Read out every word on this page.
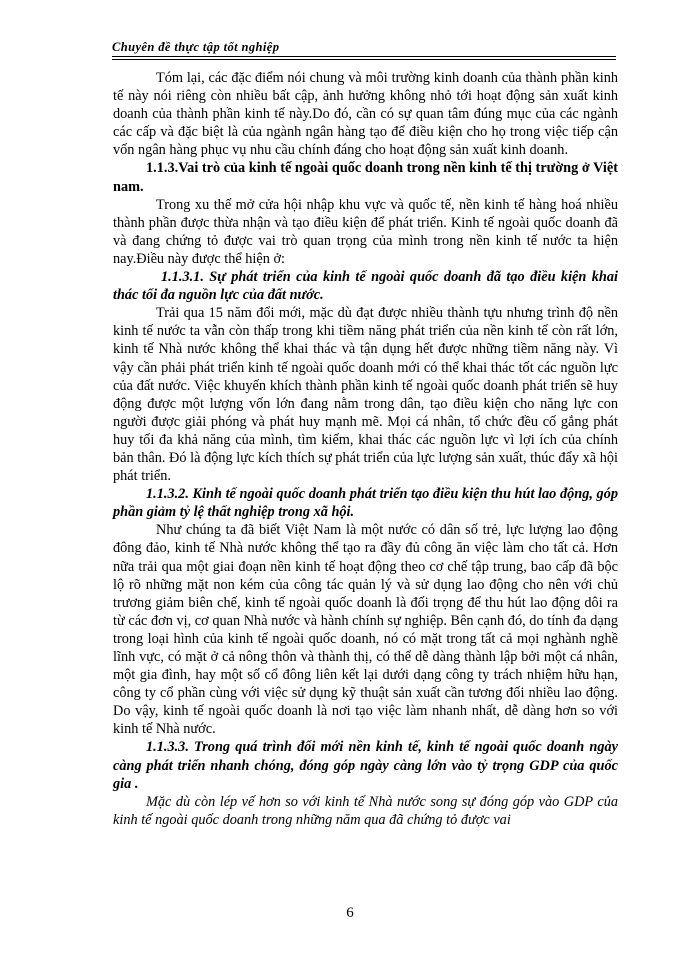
Chuyên đề thực tập tốt nghiệp

Tóm lại, các đặc điểm nói chung và môi trường kinh doanh của thành phần kinh tế này nói riêng còn nhiều bất cập, ảnh hưởng không nhỏ tới hoạt động sản xuất kinh doanh của thành phần kinh tế này.Do đó, cần có sự quan tâm đúng mục của các ngành các cấp và đặc biệt là của ngành ngân hàng tạo để điều kiện cho họ trong việc tiếp cận vốn ngân hàng phục vụ nhu cầu chính đáng cho hoạt động sản xuất kinh doanh.

1.1.3.Vai trò của kinh tế ngoài quốc doanh trong nền kinh tế thị trường ở Việt nam.

Trong xu thế mở cửa hội nhập khu vực và quốc tế, nền kinh tế hàng hoá nhiều thành phần được thừa nhận và tạo điều kiện để phát triển. Kinh tế ngoài quốc doanh đã và đang chứng tỏ được vai trò quan trọng của mình trong nền kinh tế nước ta hiện nay.Điều này được thể hiện ở:

1.1.3.1. Sự phát triển của kinh tế ngoài quốc doanh đã tạo điều kiện khai thác tối đa nguồn lực của đất nước.

Trải qua 15 năm đổi mới, mặc dù đạt được nhiều thành tựu nhưng trình độ nền kinh tế nước ta vẫn còn thấp trong khi tiềm năng phát triển của nền kinh tế còn rất lớn, kinh tế Nhà nước không thể khai thác và tận dụng hết được những tiềm năng này. Vì vậy cần phải phát triển kinh tế ngoài quốc doanh mới có thể khai thác tốt các nguồn lực của đất nước. Việc khuyến khích thành phần kinh tế ngoài quốc doanh phát triển sẽ huy động được một lượng vốn lớn đang nằm trong dân, tạo điều kiện cho năng lực con người được giải phóng và phát huy mạnh mẽ. Mọi cá nhân, tổ chức đều cố gắng phát huy tối đa khả năng của mình, tìm kiếm, khai thác các nguồn lực vì lợi ích của chính bản thân. Đó là động lực kích thích sự phát triển của lực lượng sản xuất, thúc đẩy xã hội phát triển.

1.1.3.2. Kinh tế ngoài quốc doanh phát triển tạo điều kiện thu hút lao động, góp phần giảm tỷ lệ thất nghiệp trong xã hội.

Như chúng ta đã biết Việt Nam là một nước có dân số trẻ, lực lượng lao động đông đảo, kinh tế Nhà nước không thể tạo ra đầy đủ công ăn việc làm cho tất cả. Hơn nữa trải qua một giai đoạn nền kinh tế hoạt động theo cơ chế tập trung, bao cấp đã bộc lộ rõ những mặt non kém của công tác quản lý và sử dụng lao động cho nên với chủ trương giảm biên chế, kinh tế ngoài quốc doanh là đối trọng để thu hút lao động dôi ra từ các đơn vị, cơ quan Nhà nước và hành chính sự nghiệp. Bên cạnh đó, do tính đa dạng trong loại hình của kinh tế ngoài quốc doanh, nó có mặt trong tất cả mọi nghành nghề lĩnh vực, có mặt ở cả nông thôn và thành thị, có thể dễ dàng thành lập bởi một cá nhân, một gia đình, hay một số cổ đông liên kết lại dưới dạng công ty trách nhiệm hữu hạn, công ty cổ phần cùng với việc sử dụng kỹ thuật sản xuất cần tương đối nhiều lao động. Do vậy, kinh tế ngoài quốc doanh là nơi tạo việc làm nhanh nhất, dễ dàng hơn so với kinh tế Nhà nước.

1.1.3.3. Trong quá trình đổi mới nền kinh tế, kinh tế ngoài quốc doanh ngày càng phát triển nhanh chóng, đóng góp ngày càng lớn vào tỷ trọng GDP của quốc gia .

Mặc dù còn lép vế hơn so với kinh tế Nhà nước song sự đóng góp vào GDP của kinh tế ngoài quốc doanh trong những năm qua đã chứng tỏ được vai

6
